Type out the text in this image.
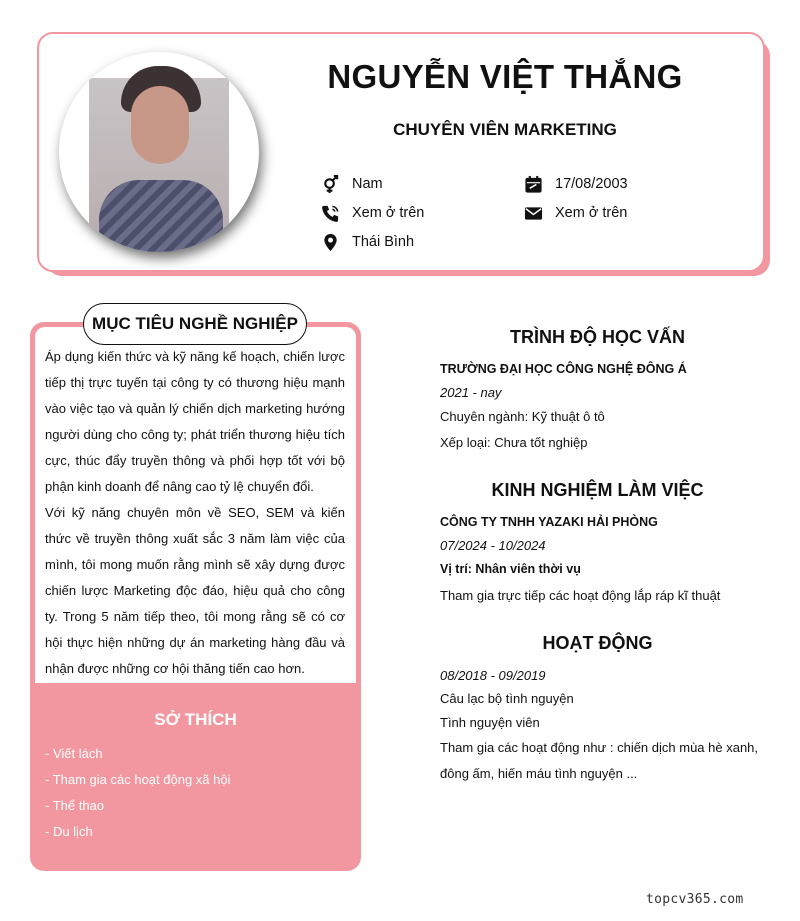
NGUYỄN VIỆT THẮNG
CHUYÊN VIÊN MARKETING
Nam	17/08/2003
Xem ở trên	Xem ở trên
Thái Bình
MỤC TIÊU NGHỀ NGHIỆP

Áp dụng kiến thức và kỹ năng kế hoạch, chiến lược tiếp thị trực tuyến tại công ty có thương hiệu mạnh vào việc tạo và quản lý chiến dịch marketing hướng người dùng cho công ty; phát triển thương hiệu tích cực, thúc đẩy truyền thông và phối hợp tốt với bộ phận kinh doanh để nâng cao tỷ lệ chuyển đổi.

Với kỹ năng chuyên môn về SEO, SEM và kiến thức về truyền thông xuất sắc 3 năm làm việc của mình, tôi mong muốn rằng mình sẽ xây dựng được chiến lược Marketing độc đáo, hiệu quả cho công ty. Trong 5 năm tiếp theo, tôi mong rằng sẽ có cơ hội thực hiện những dự án marketing hàng đầu và nhận được những cơ hội thăng tiến cao hơn.

SỞ THÍCH
- Viết lách
- Tham gia các hoạt động xã hội
- Thể thao
- Du lịch
TRÌNH ĐỘ HỌC VẤN
TRƯỜNG ĐẠI HỌC CÔNG NGHỆ ĐÔNG Á
2021 - nay
Chuyên ngành: Kỹ thuật ô tô
Xếp loại: Chưa tốt nghiệp
KINH NGHIỆM LÀM VIỆC
CÔNG TY TNHH YAZAKI HẢI PHÒNG
07/2024 - 10/2024
Vị trí: Nhân viên thời vụ
Tham gia trực tiếp các hoạt động lắp ráp kĩ thuật
HOẠT ĐỘNG
08/2018 - 09/2019
Câu lạc bộ tình nguyện
Tình nguyện viên
Tham gia các hoạt động như : chiến dịch mùa hè xanh, đông ấm, hiến máu tình nguyện ...
topcv365.com
